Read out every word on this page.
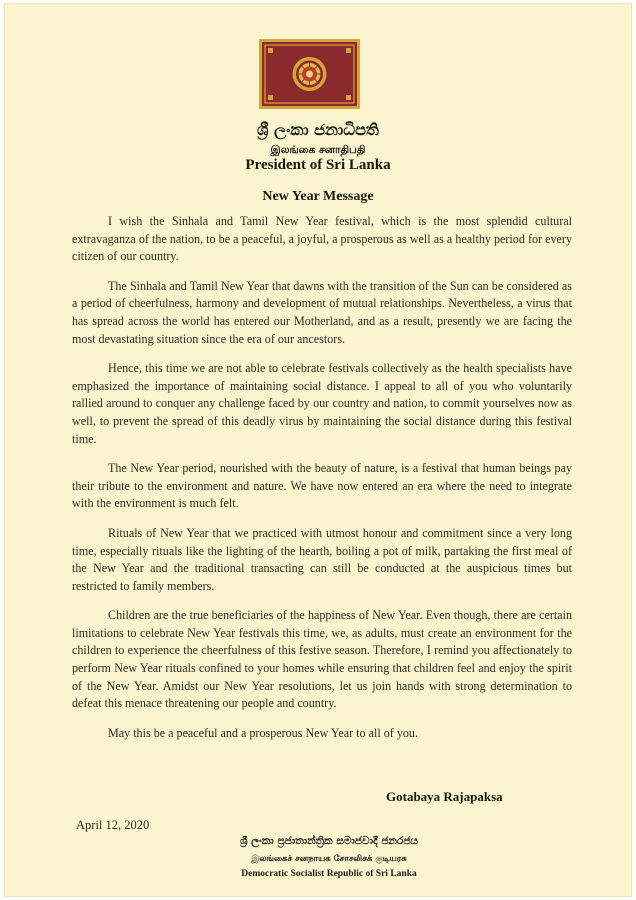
ශ්‍රී ලංකා ජනාධිපති
இலங்கை சனாதிபதி
President of Sri Lanka
New Year Message

I wish the Sinhala and Tamil New Year festival, which is the most splendid cultural extravaganza of the nation, to be a peaceful, a joyful, a prosperous as well as a healthy period for every citizen of our country.

The Sinhala and Tamil New Year that dawns with the transition of the Sun can be considered as a period of cheerfulness, harmony and development of mutual relationships. Nevertheless, a virus that has spread across the world has entered our Motherland, and as a result, presently we are facing the most devastating situation since the era of our ancestors.

Hence, this time we are not able to celebrate festivals collectively as the health specialists have emphasized the importance of maintaining social distance. I appeal to all of you who voluntarily rallied around to conquer any challenge faced by our country and nation, to commit yourselves now as well, to prevent the spread of this deadly virus by maintaining the social distance during this festival time.

The New Year period, nourished with the beauty of nature, is a festival that human beings pay their tribute to the environment and nature. We have now entered an era where the need to integrate with the environment is much felt.

Rituals of New Year that we practiced with utmost honour and commitment since a very long time, especially rituals like the lighting of the hearth, boiling a pot of milk, partaking the first meal of the New Year and the traditional transacting can still be conducted at the auspicious times but restricted to family members.

Children are the true beneficiaries of the happiness of New Year. Even though, there are certain limitations to celebrate New Year festivals this time, we, as adults, must create an environment for the children to experience the cheerfulness of this festive season. Therefore, I remind you affectionately to perform New Year rituals confined to your homes while ensuring that children feel and enjoy the spirit of the New Year. Amidst our New Year resolutions, let us join hands with strong determination to defeat this menace threatening our people and country.

May this be a peaceful and a prosperous New Year to all of you.

Gotabaya Rajapaksa
April 12, 2020
ශ්‍රී ලංකා ප්‍රජාතාන්ත්‍රික සමාජවාදී ජනරජය
இலங்கைச் சனநாயக சோசலிசக் குடியரசு
Democratic Socialist Republic of Sri Lanka
